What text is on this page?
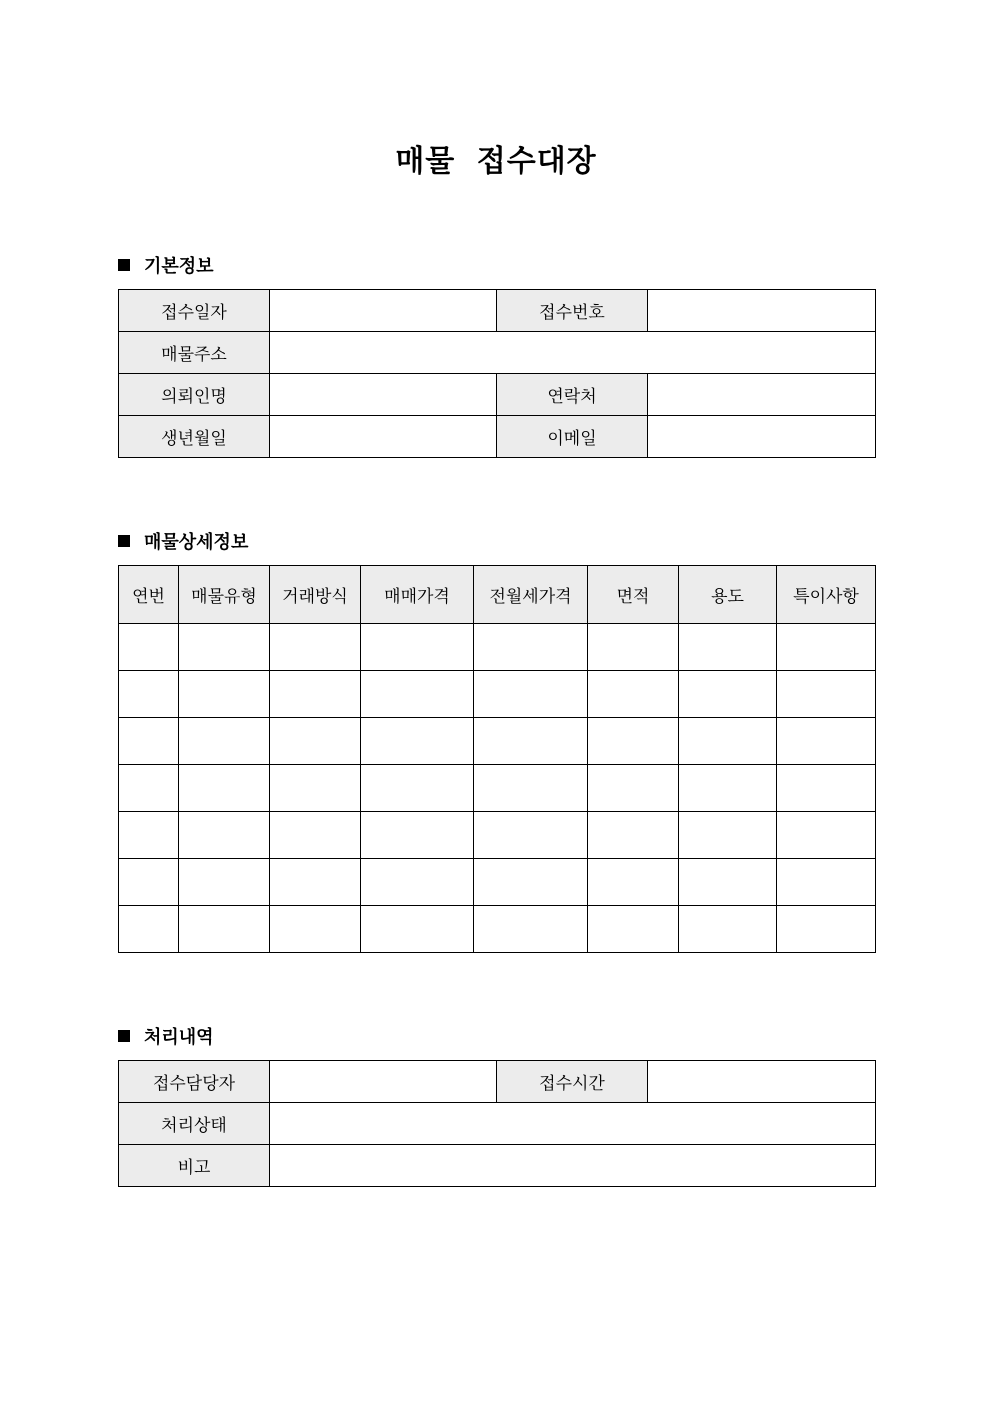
매물 접수대장
기본정보
접수일자		접수번호	
매물주소			
의뢰인명		연락처	
생년월일		이메일	
매물상세정보
연번	매물유형	거래방식	매매가격	전월세가격	면적	용도	특이사항

처리내역
접수담당자		접수시간	
처리상태			
비고			
